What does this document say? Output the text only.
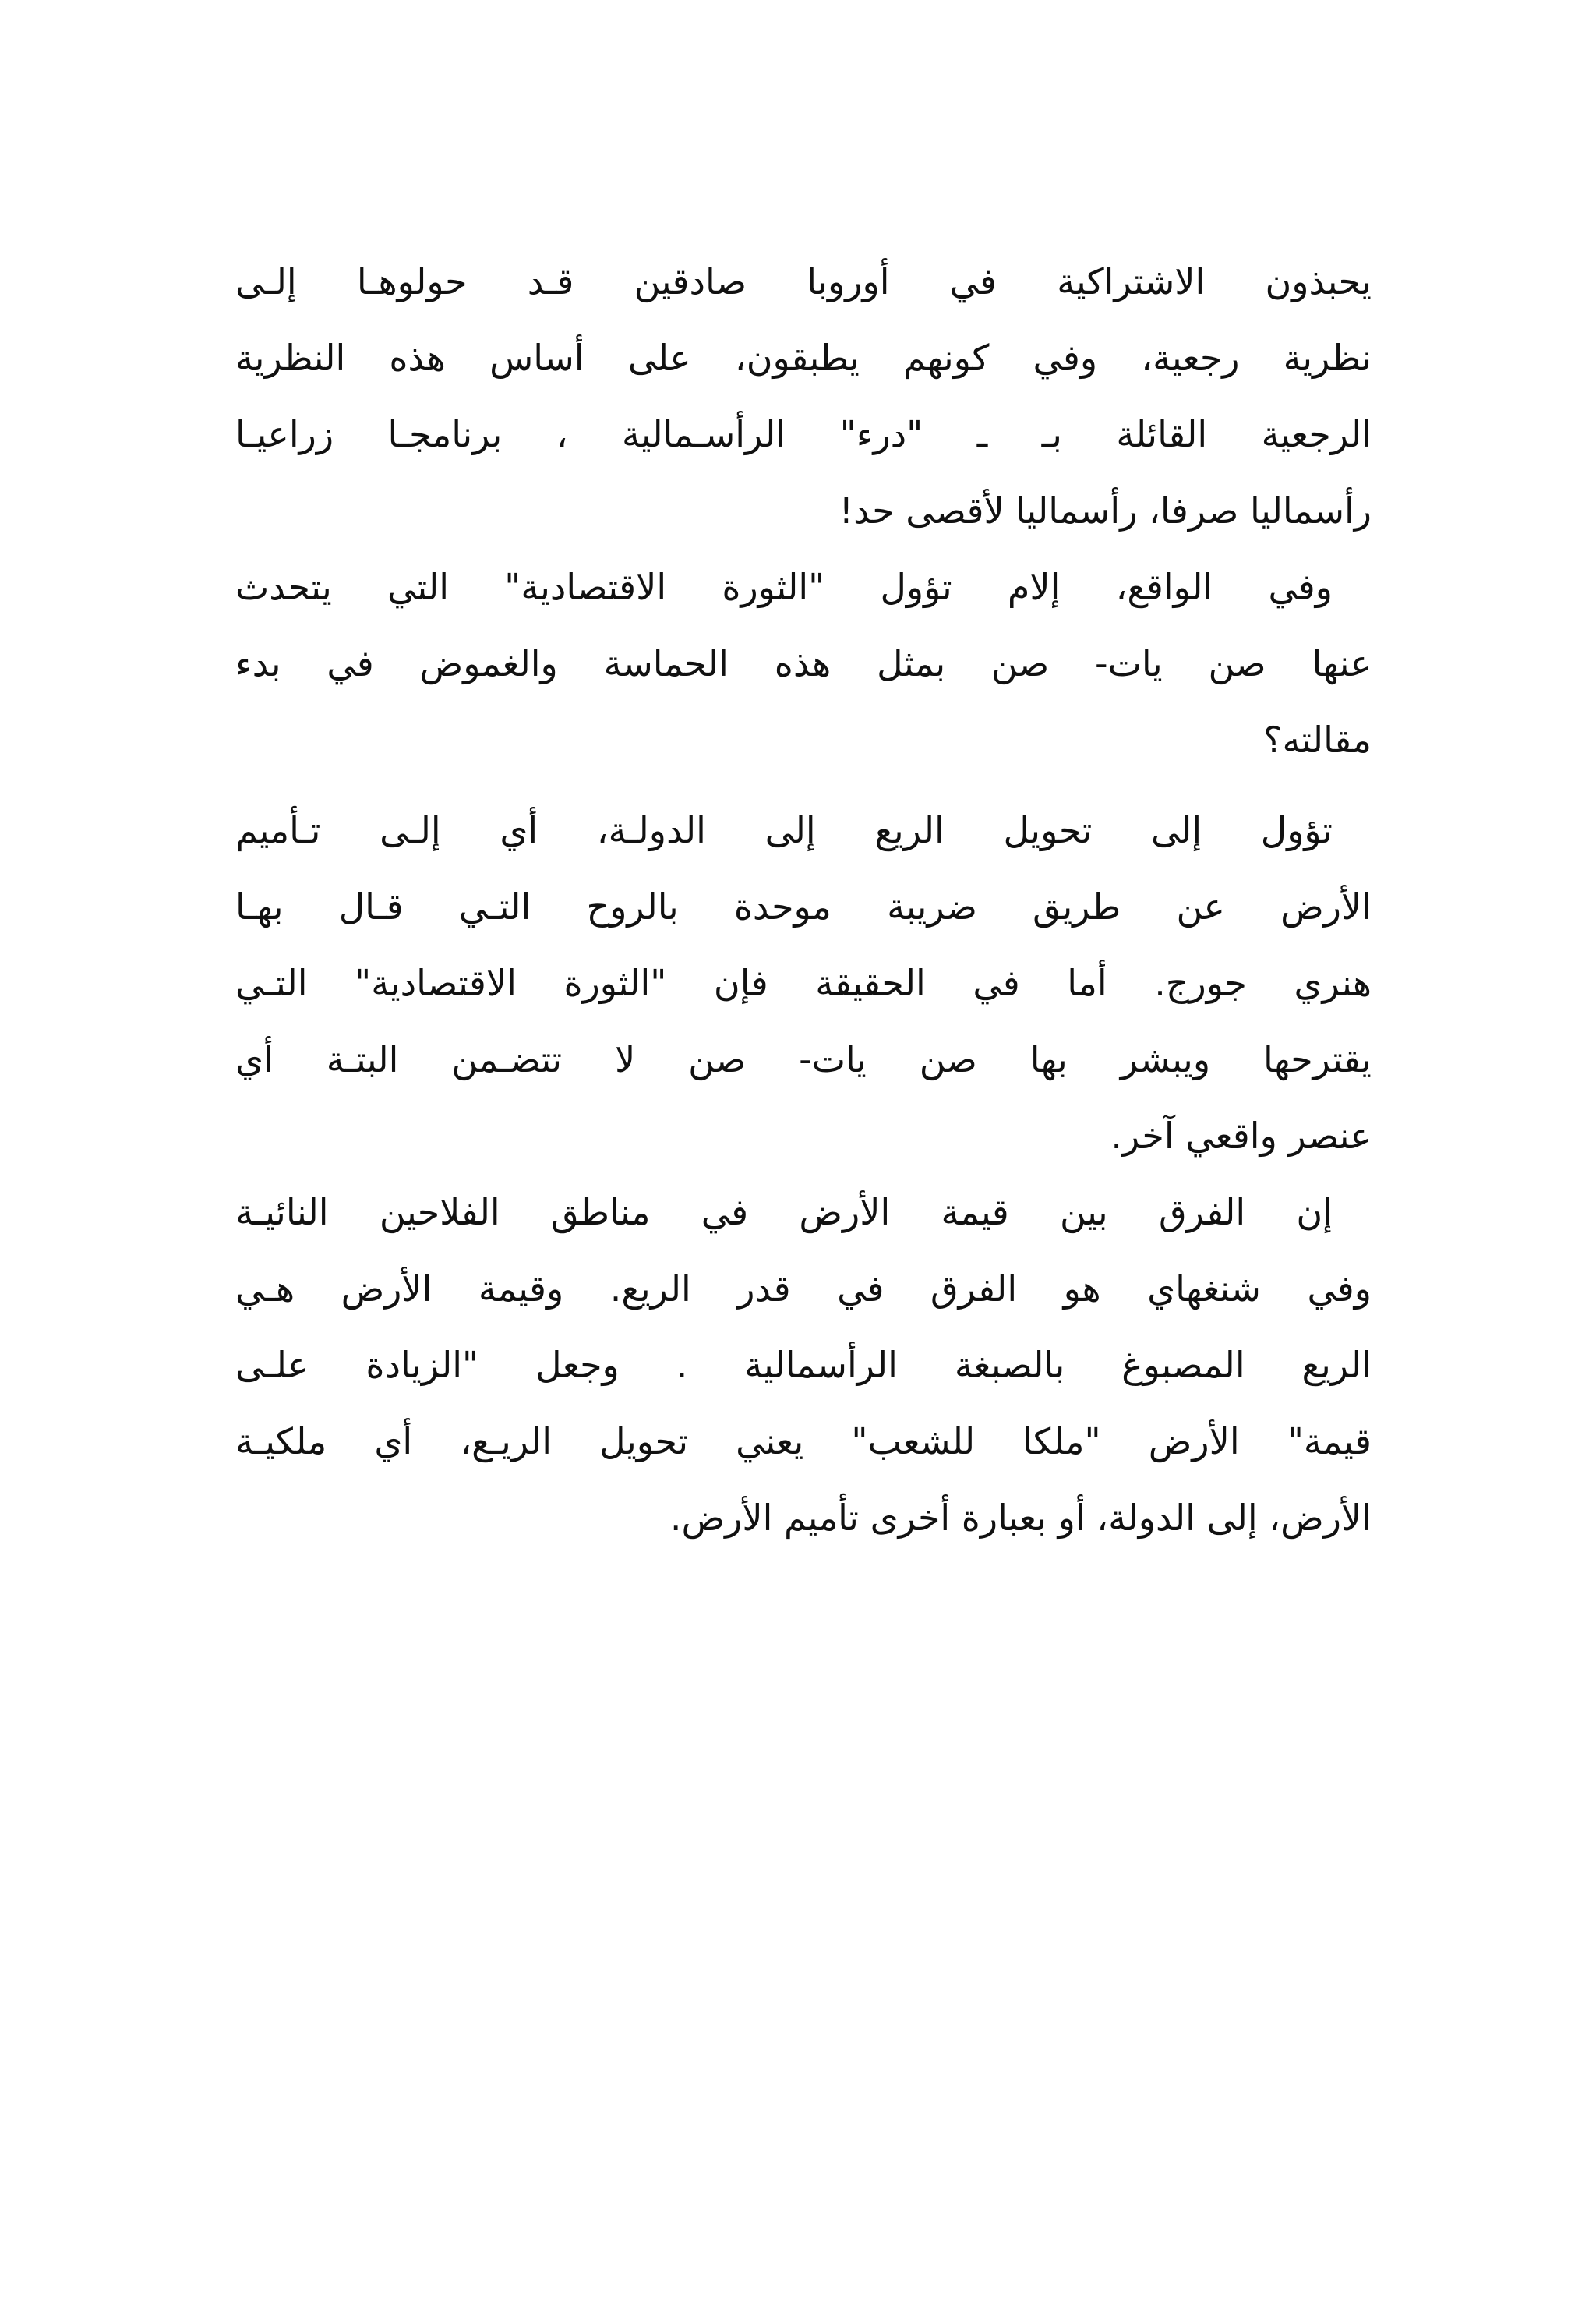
يحبذون الاشتراكية في أوروبا صادقين قـد حولوهـا إلـى
نظرية رجعية، وفي كونهم يطبقون، على أساس هذه النظرية
الرجعية القائلة بـ ـ "درء" الرأسـمالية ، برنامجـا زراعيـا
رأسماليا صرفا، رأسماليا لأقصى حد!
وفي الواقع، إلام تؤول "الثورة الاقتصادية" التي يتحدث
عنها صن يات- صن بمثل هذه الحماسة والغموض في بدء
مقالته؟
تؤول إلى تحويل الريع إلى الدولـة، أي إلـى تـأميم
الأرض عن طريق ضريبة موحدة بالروح التـي قـال بهـا
هنري جورج. أما في الحقيقة فإن "الثورة الاقتصادية" التـي
يقترحها ويبشر بها صن يات- صن لا تتضـمن البتـة أي
عنصر واقعي آخر.
إن الفرق بين قيمة الأرض في مناطق الفلاحين النائيـة
وفي شنغهاي هو الفرق في قدر الريع. وقيمة الأرض هـي
الريع المصبوغ بالصبغة الرأسمالية . وجعل "الزيادة علـى
قيمة" الأرض "ملكا للشعب" يعني تحويل الريـع، أي ملكيـة
الأرض، إلى الدولة، أو بعبارة أخرى تأميم الأرض.
